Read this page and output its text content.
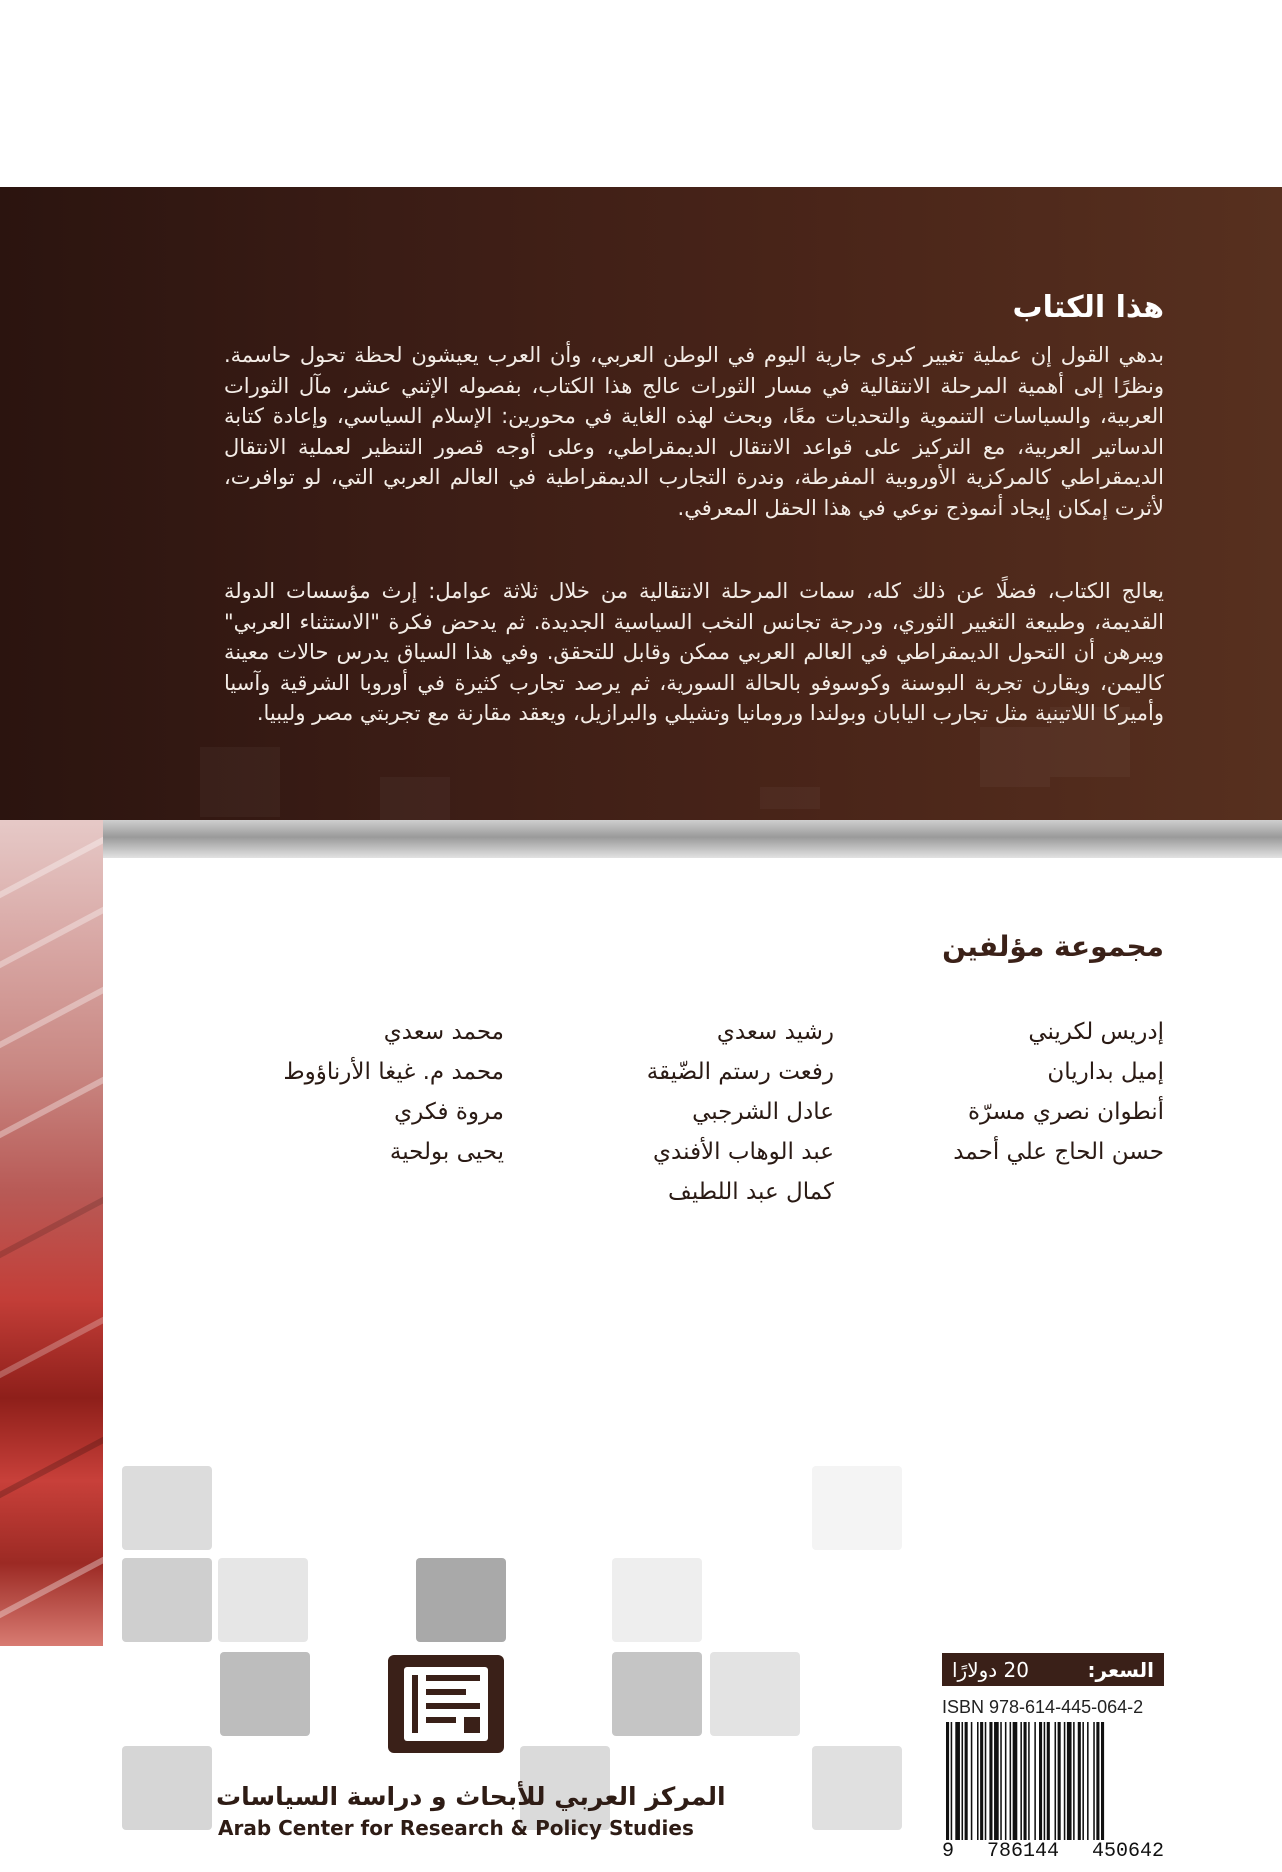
هذا الكتاب

بدهي القول إن عملية تغيير كبرى جارية اليوم في الوطن العربي، وأن العرب يعيشون لحظة تحول حاسمة. ونظرًا إلى أهمية المرحلة الانتقالية في مسار الثورات عالج هذا الكتاب، بفصوله الإثني عشر، مآل الثورات العربية، والسياسات التنموية والتحديات معًا، وبحث لهذه الغاية في محورين: الإسلام السياسي، وإعادة كتابة الدساتير العربية، مع التركيز على قواعد الانتقال الديمقراطي، وعلى أوجه قصور التنظير لعملية الانتقال الديمقراطي كالمركزية الأوروبية المفرطة، وندرة التجارب الديمقراطية في العالم العربي التي، لو توافرت، لأثرت إمكان إيجاد أنموذج نوعي في هذا الحقل المعرفي.

يعالج الكتاب، فضلًا عن ذلك كله، سمات المرحلة الانتقالية من خلال ثلاثة عوامل: إرث مؤسسات الدولة القديمة، وطبيعة التغيير الثوري، ودرجة تجانس النخب السياسية الجديدة. ثم يدحض فكرة "الاستثناء العربي" ويبرهن أن التحول الديمقراطي في العالم العربي ممكن وقابل للتحقق. وفي هذا السياق يدرس حالات معينة كاليمن، ويقارن تجربة البوسنة وكوسوفو بالحالة السورية، ثم يرصد تجارب كثيرة في أوروبا الشرقية وآسيا وأميركا اللاتينية مثل تجارب اليابان وبولندا ورومانيا وتشيلي والبرازيل، ويعقد مقارنة مع تجربتي مصر وليبيا.

مجموعة مؤلفين
إدريس لكريني
إميل بداريان
أنطوان نصري مسرّة
حسن الحاج علي أحمد
رشيد سعدي
رفعت رستم الضّيقة
عادل الشرجبي
عبد الوهاب الأفندي
كمال عبد اللطيف
محمد سعدي
محمد م. غيغا الأرناؤوط
مروة فكري
يحيى بولحية

المركز العربي للأبحاث و دراسة السياسات

Arab Center for Research & Policy Studies

السعر:
20 دولارًا
ISBN 978-614-445-064-2
9 786144 450642
